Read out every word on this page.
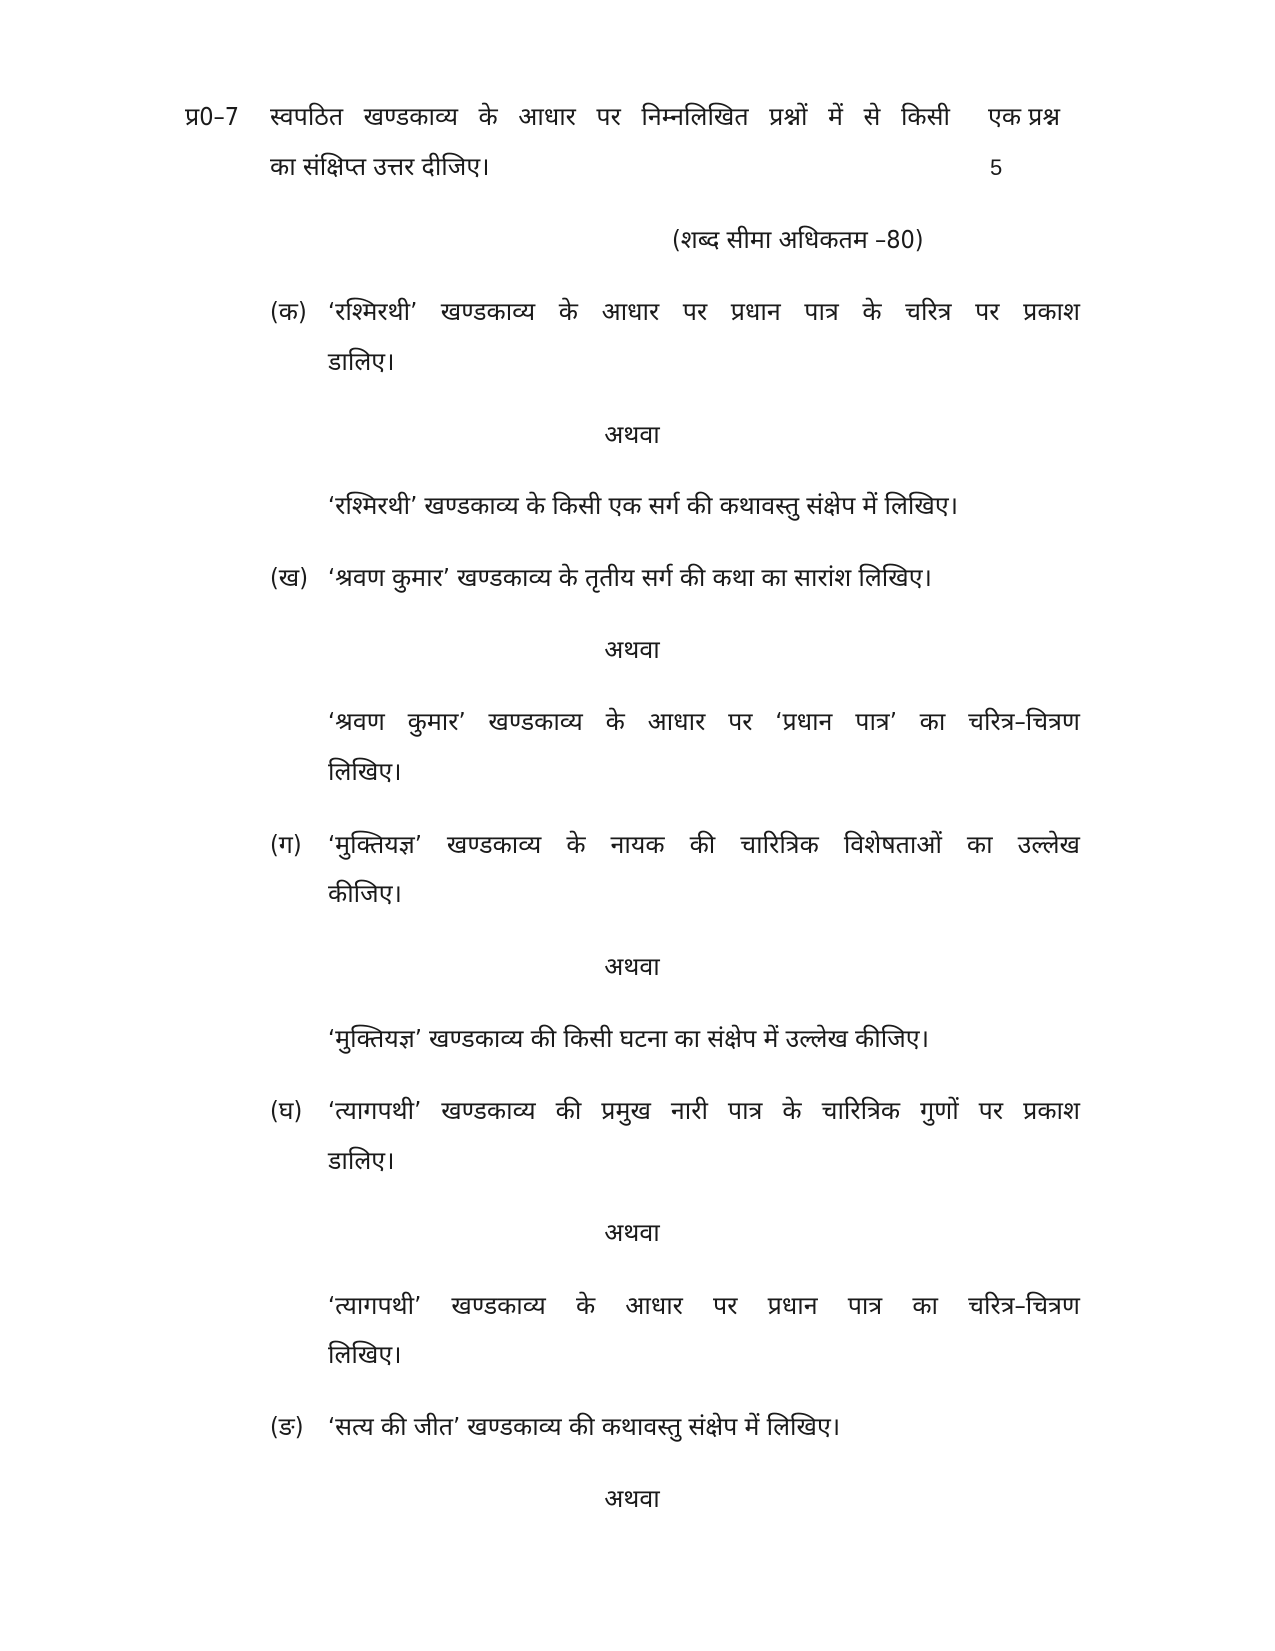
प्र0–7 स्वपठित खण्डकाव्य के आधार पर निम्नलिखित प्रश्नों में से किसी एक प्रश्न
का संक्षिप्त उत्तर दीजिए।	5
(शब्द सीमा अधिकतम –80)
(क) ‘रश्मिरथी’ खण्डकाव्य के आधार पर प्रधान पात्र के चरित्र पर प्रकाश
डालिए।
अथवा
‘रश्मिरथी’ खण्डकाव्य के किसी एक सर्ग की कथावस्तु संक्षेप में लिखिए।
(ख) ‘श्रवण कुमार’ खण्डकाव्य के तृतीय सर्ग की कथा का सारांश लिखिए।
अथवा
‘श्रवण कुमार’ खण्डकाव्य के आधार पर ‘प्रधान पात्र’ का चरित्र–चित्रण
लिखिए।
(ग) ‘मुक्तियज्ञ’ खण्डकाव्य के नायक की चारित्रिक विशेषताओं का उल्लेख
कीजिए।
अथवा
‘मुक्तियज्ञ’ खण्डकाव्य की किसी घटना का संक्षेप में उल्लेख कीजिए।
(घ) ‘त्यागपथी’ खण्डकाव्य की प्रमुख नारी पात्र के चारित्रिक गुणों पर प्रकाश
डालिए।
अथवा
‘त्यागपथी’ खण्डकाव्य के आधार पर प्रधान पात्र का चरित्र–चित्रण
लिखिए।
(ङ) ‘सत्य की जीत’ खण्डकाव्य की कथावस्तु संक्षेप में लिखिए।
अथवा
